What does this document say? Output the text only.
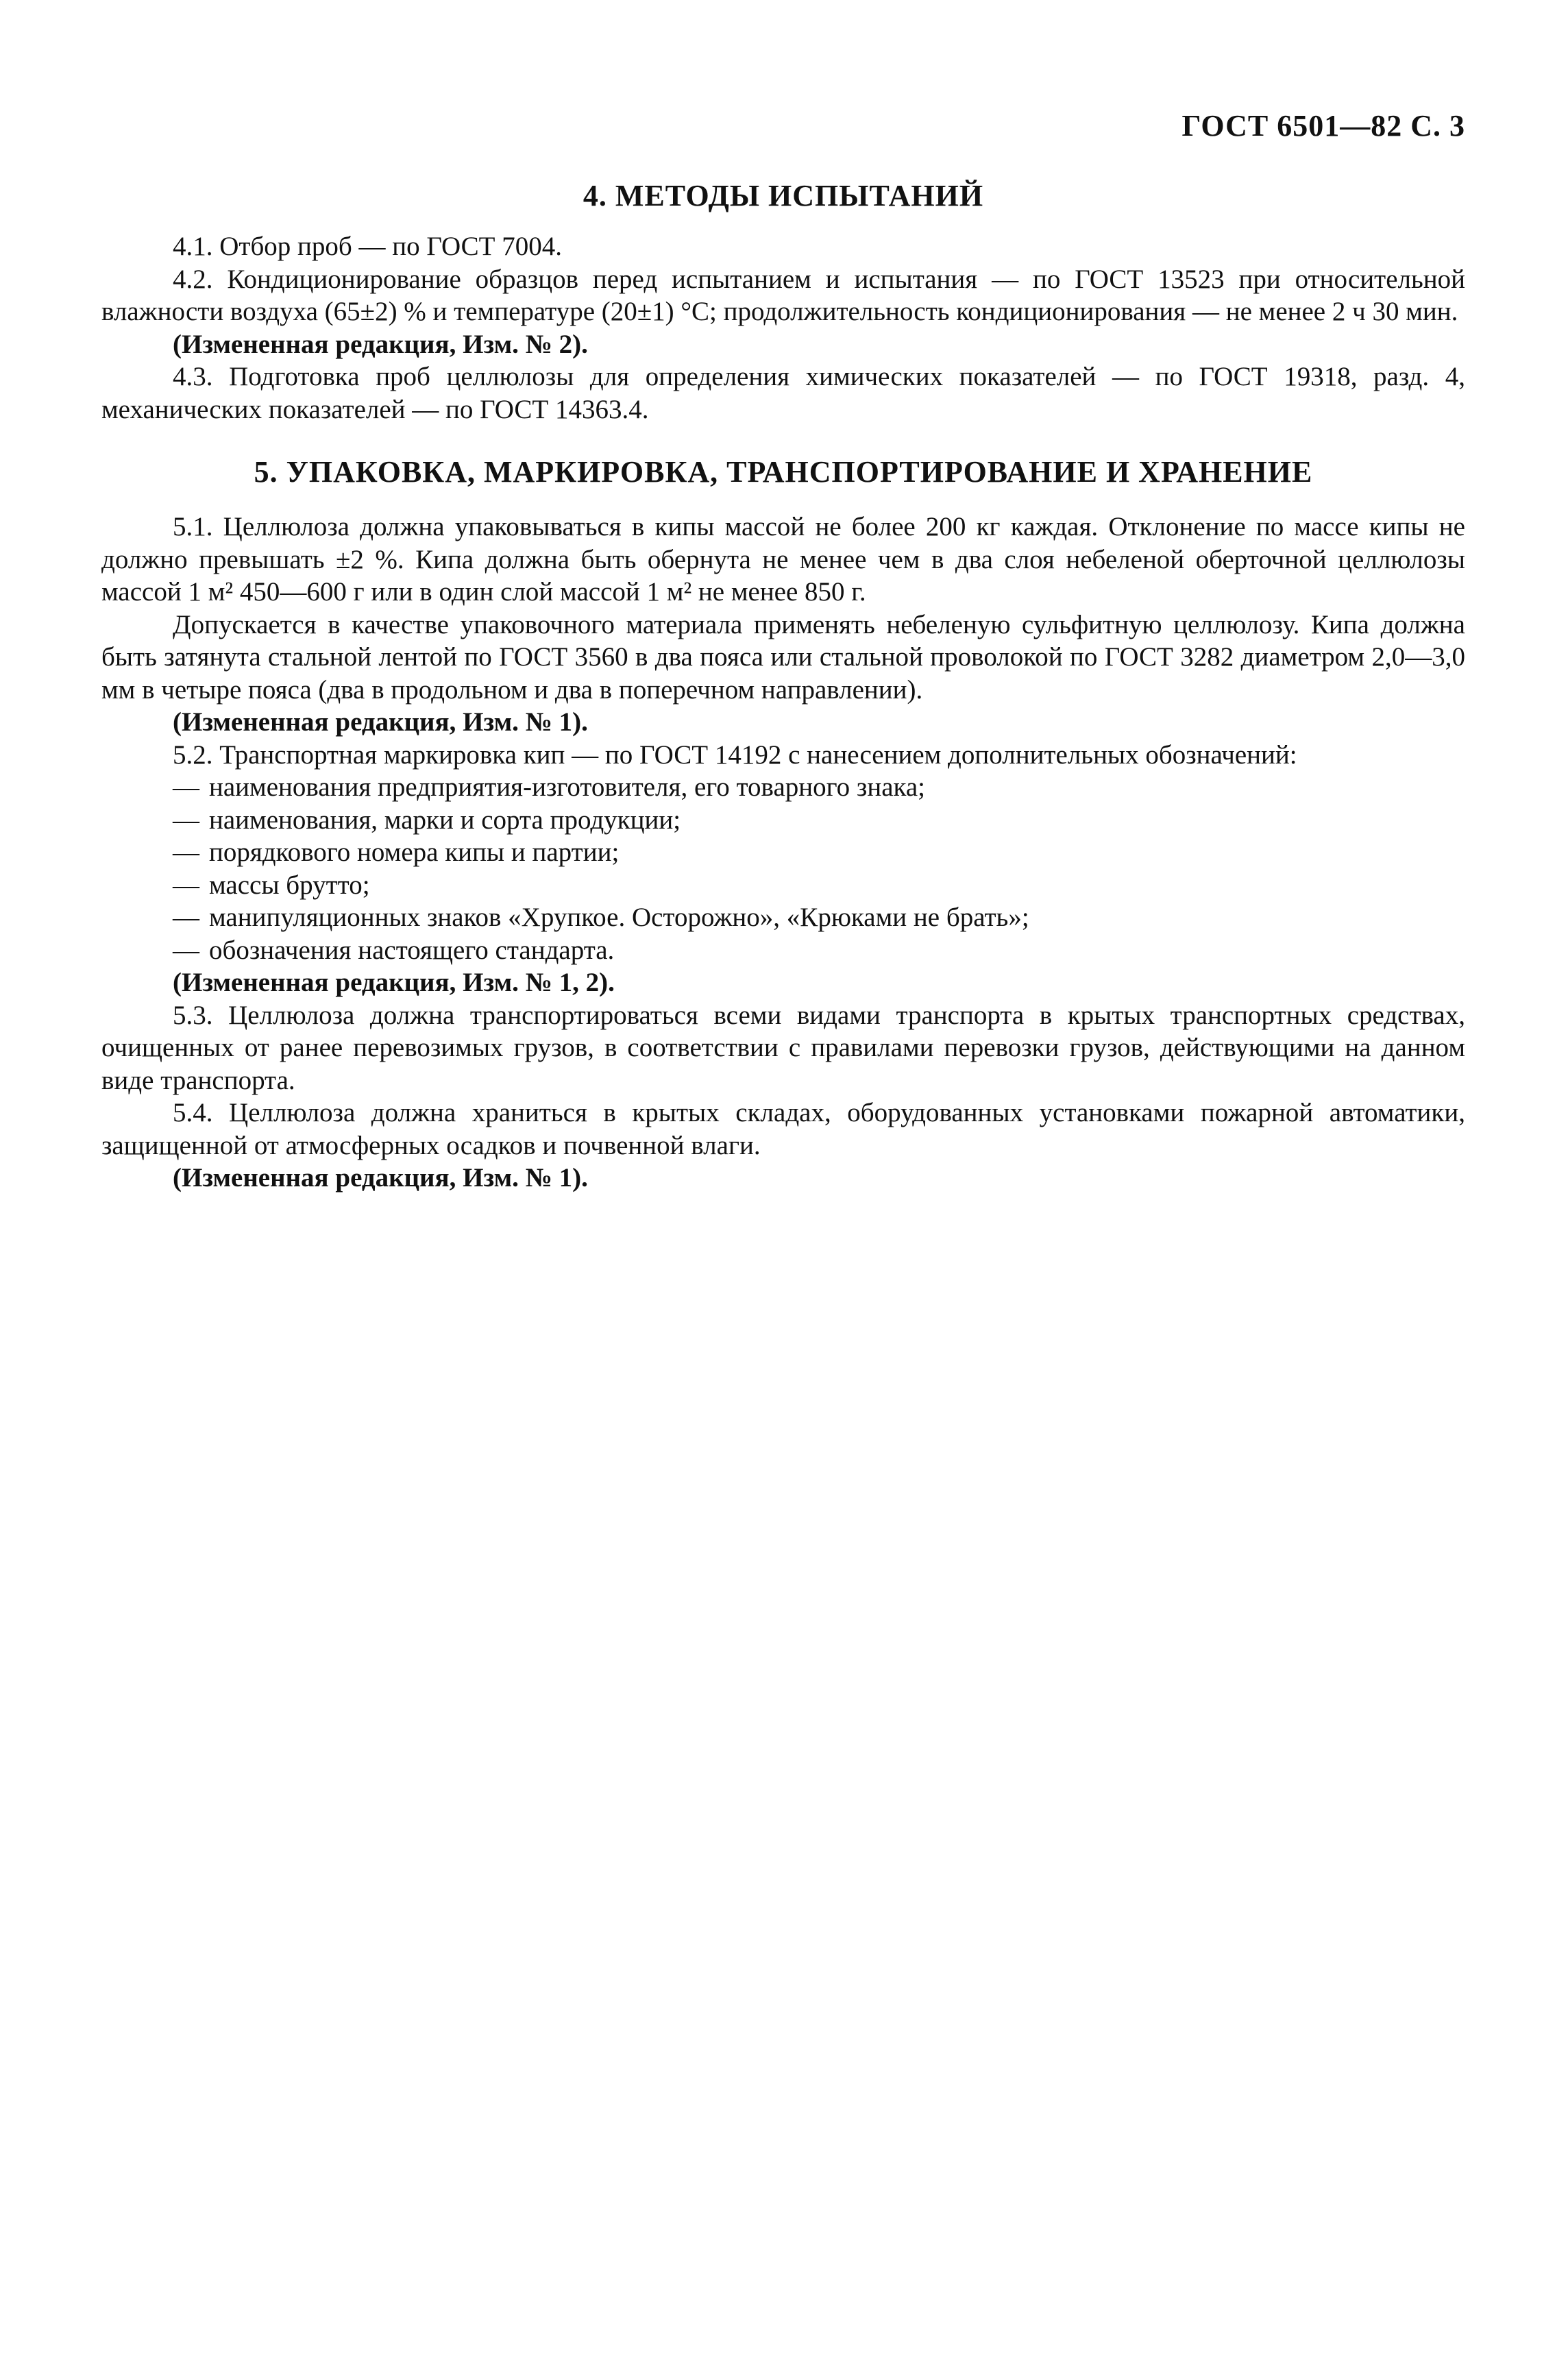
ГОСТ 6501—82 С. 3
4. МЕТОДЫ ИСПЫТАНИЙ

4.1. Отбор проб — по ГОСТ 7004.

4.2. Кондиционирование образцов перед испытанием и испытания — по ГОСТ 13523 при относительной влажности воздуха (65±2) % и температуре (20±1) °С; продолжительность кондиционирования — не менее 2 ч 30 мин.

(Измененная редакция, Изм. № 2).

4.3. Подготовка проб целлюлозы для определения химических показателей — по ГОСТ 19318, разд. 4, механических показателей — по ГОСТ 14363.4.

5. УПАКОВКА, МАРКИРОВКА, ТРАНСПОРТИРОВАНИЕ И ХРАНЕНИЕ

5.1. Целлюлоза должна упаковываться в кипы массой не более 200 кг каждая. Отклонение по массе кипы не должно превышать ±2 %. Кипа должна быть обернута не менее чем в два слоя небеленой оберточной целлюлозы массой 1 м² 450—600 г или в один слой массой 1 м² не менее 850 г.

Допускается в качестве упаковочного материала применять небеленую сульфитную целлюлозу. Кипа должна быть затянута стальной лентой по ГОСТ 3560 в два пояса или стальной проволокой по ГОСТ 3282 диаметром 2,0—3,0 мм в четыре пояса (два в продольном и два в поперечном направлении).

(Измененная редакция, Изм. № 1).

5.2. Транспортная маркировка кип — по ГОСТ 14192 с нанесением дополнительных обозначений:

— наименования предприятия-изготовителя, его товарного знака;

— наименования, марки и сорта продукции;

— порядкового номера кипы и партии;

— массы брутто;

— манипуляционных знаков «Хрупкое. Осторожно», «Крюками не брать»;

— обозначения настоящего стандарта.

(Измененная редакция, Изм. № 1, 2).

5.3. Целлюлоза должна транспортироваться всеми видами транспорта в крытых транспортных средствах, очищенных от ранее перевозимых грузов, в соответствии с правилами перевозки грузов, действующими на данном виде транспорта.

5.4. Целлюлоза должна храниться в крытых складах, оборудованных установками пожарной автоматики, защищенной от атмосферных осадков и почвенной влаги.

(Измененная редакция, Изм. № 1).
